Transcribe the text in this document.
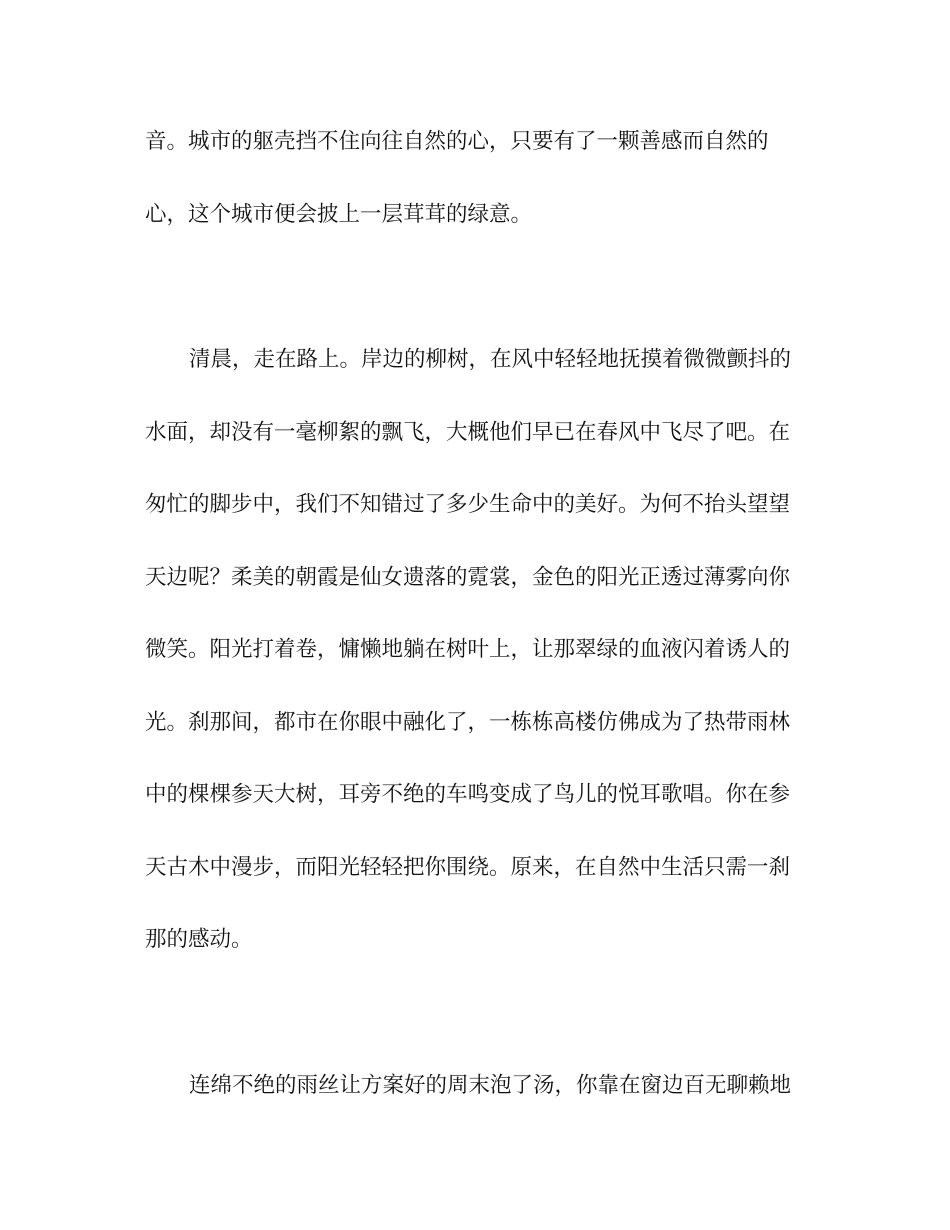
音。城市的躯壳挡不住向往自然的心，只要有了一颗善感而自然的
心，这个城市便会披上一层茸茸的绿意。
清晨，走在路上。岸边的柳树，在风中轻轻地抚摸着微微颤抖的
水面，却没有一毫柳絮的飘飞，大概他们早已在春风中飞尽了吧。在
匆忙的脚步中，我们不知错过了多少生命中的美好。为何不抬头望望
天边呢？柔美的朝霞是仙女遗落的霓裳，金色的阳光正透过薄雾向你
微笑。阳光打着卷，慵懒地躺在树叶上，让那翠绿的血液闪着诱人的
光。刹那间，都市在你眼中融化了，一栋栋高楼仿佛成为了热带雨林
中的棵棵参天大树，耳旁不绝的车鸣变成了鸟儿的悦耳歌唱。你在参
天古木中漫步，而阳光轻轻把你围绕。原来，在自然中生活只需一刹
那的感动。
连绵不绝的雨丝让方案好的周末泡了汤，你靠在窗边百无聊赖地
